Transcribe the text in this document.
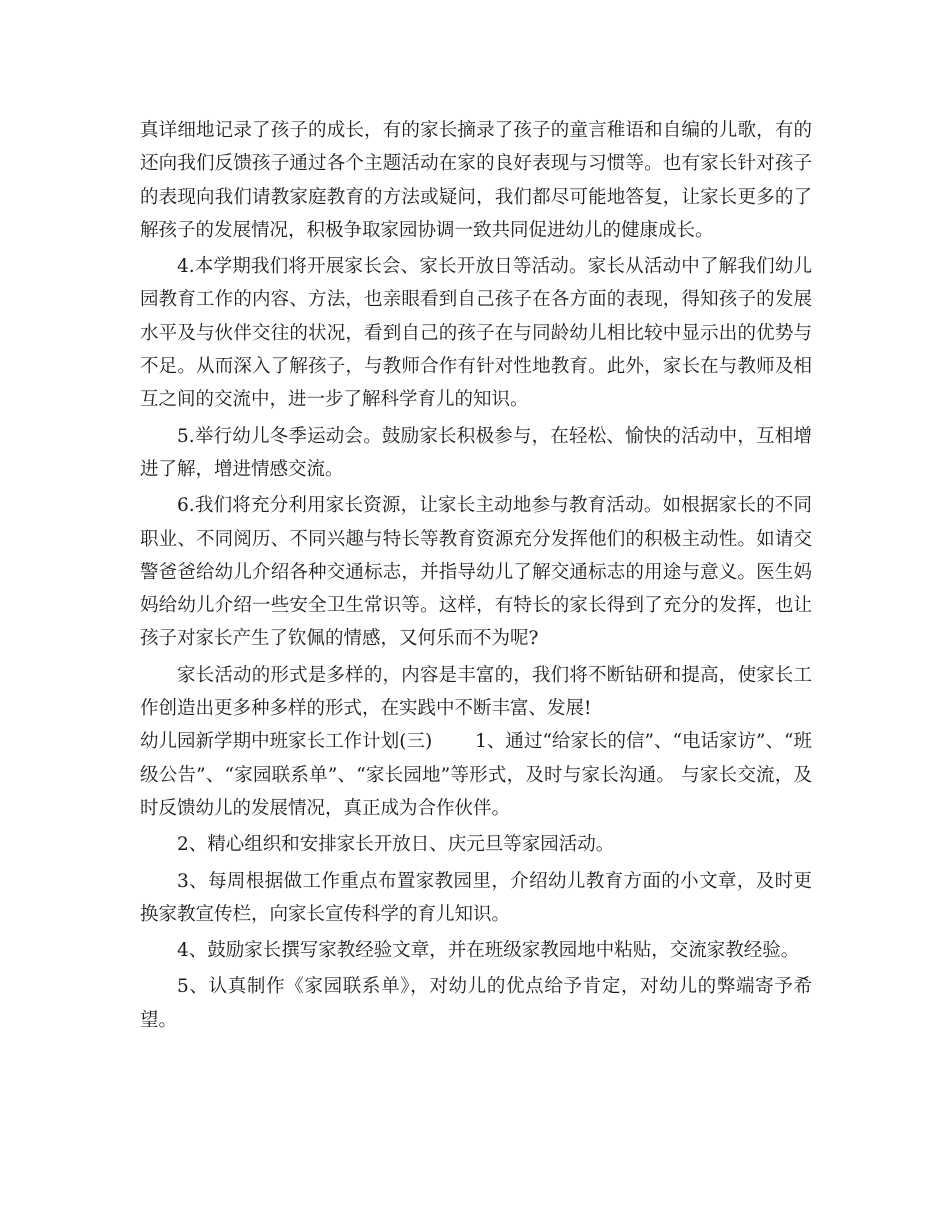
真详细地记录了孩子的成长，有的家长摘录了孩子的童言稚语和自编的儿歌，有的

还向我们反馈孩子通过各个主题活动在家的良好表现与习惯等。也有家长针对孩子

的表现向我们请教家庭教育的方法或疑问，我们都尽可能地答复，让家长更多的了

解孩子的发展情况，积极争取家园协调一致共同促进幼儿的健康成长。

4.本学期我们将开展家长会、家长开放日等活动。家长从活动中了解我们幼儿

园教育工作的内容、方法，也亲眼看到自己孩子在各方面的表现，得知孩子的发展

水平及与伙伴交往的状况，看到自己的孩子在与同龄幼儿相比较中显示出的优势与

不足。从而深入了解孩子，与教师合作有针对性地教育。此外，家长在与教师及相

互之间的交流中，进一步了解科学育儿的知识。

5.举行幼儿冬季运动会。鼓励家长积极参与，在轻松、愉快的活动中，互相增

进了解，增进情感交流。

6.我们将充分利用家长资源，让家长主动地参与教育活动。如根据家长的不同

职业、不同阅历、不同兴趣与特长等教育资源充分发挥他们的积极主动性。如请交

警爸爸给幼儿介绍各种交通标志，并指导幼儿了解交通标志的用途与意义。医生妈

妈给幼儿介绍一些安全卫生常识等。这样，有特长的家长得到了充分的发挥，也让

孩子对家长产生了钦佩的情感，又何乐而不为呢?

家长活动的形式是多样的，内容是丰富的，我们将不断钻研和提高，使家长工

作创造出更多种多样的形式，在实践中不断丰富、发展!

幼儿园新学期中班家长工作计划(三)　　 1、通过“给家长的信”、“电话家访”、“班

级公告”、“家园联系单”、“家长园地”等形式，及时与家长沟通。 与家长交流，及

时反馈幼儿的发展情况，真正成为合作伙伴。

2、精心组织和安排家长开放日、庆元旦等家园活动。

3、每周根据做工作重点布置家教园里，介绍幼儿教育方面的小文章，及时更

换家教宣传栏，向家长宣传科学的育儿知识。

4、鼓励家长撰写家教经验文章，并在班级家教园地中粘贴，交流家教经验。

5、认真制作《家园联系单》，对幼儿的优点给予肯定，对幼儿的弊端寄予希

望。
